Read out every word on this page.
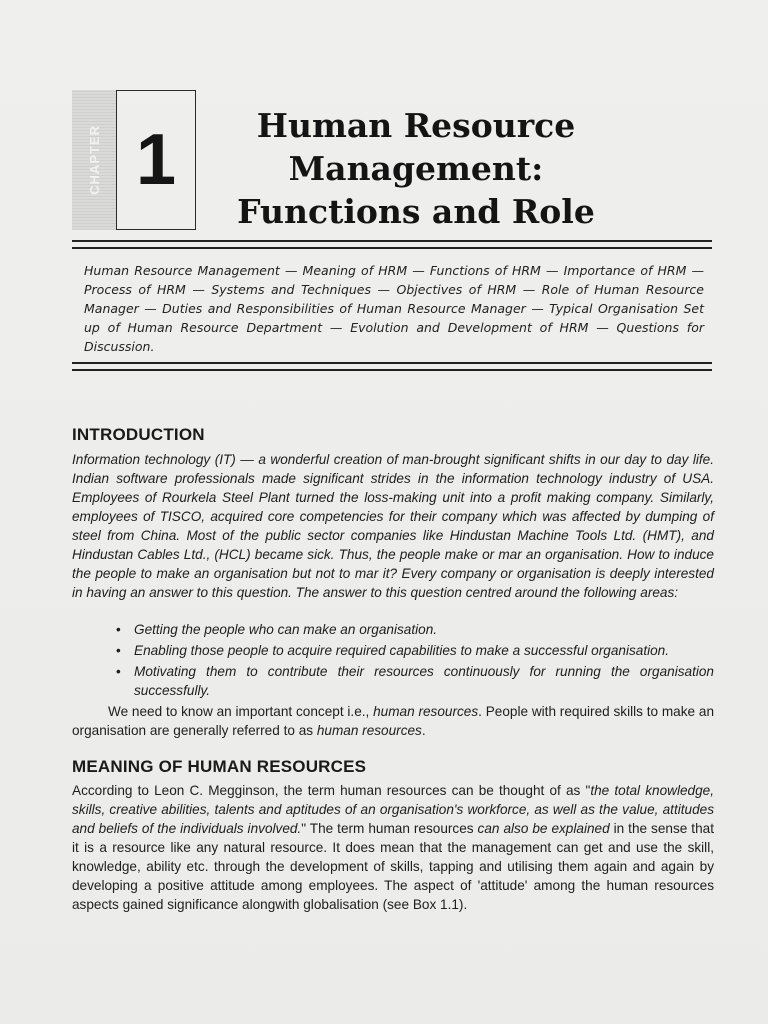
CHAPTER 1	Human Resource
Management:
Functions and Role

Human Resource Management — Meaning of HRM — Functions of HRM — Importance of HRM — Process of HRM — Systems and Techniques — Objectives of HRM — Role of Human Resource Manager — Duties and Responsibilities of Human Resource Manager — Typical Organisation Set up of Human Resource Department — Evolution and Development of HRM — Questions for Discussion.

INTRODUCTION

Information technology (IT) — a wonderful creation of man-brought significant shifts in our day to day life. Indian software professionals made significant strides in the information technology industry of USA. Employees of Rourkela Steel Plant turned the loss-making unit into a profit making company. Similarly, employees of TISCO, acquired core competencies for their company which was affected by dumping of steel from China. Most of the public sector companies like Hindustan Machine Tools Ltd. (HMT), and Hindustan Cables Ltd., (HCL) became sick. Thus, the people make or mar an organisation. How to induce the people to make an organisation but not to mar it? Every company or organisation is deeply interested in having an answer to this question. The answer to this question centred around the following areas:

• Getting the people who can make an organisation.
• Enabling those people to acquire required capabilities to make a successful organisation.
• Motivating them to contribute their resources continuously for running the organisation successfully.

We need to know an important concept i.e., human resources. People with required skills to make an organisation are generally referred to as human resources.

MEANING OF HUMAN RESOURCES

According to Leon C. Megginson, the term human resources can be thought of as "the total knowledge, skills, creative abilities, talents and aptitudes of an organisation's workforce, as well as the value, attitudes and beliefs of the individuals involved." The term human resources can also be explained in the sense that it is a resource like any natural resource. It does mean that the management can get and use the skill, knowledge, ability etc. through the development of skills, tapping and utilising them again and again by developing a positive attitude among employees. The aspect of 'attitude' among the human resources aspects gained significance alongwith globalisation (see Box 1.1).
